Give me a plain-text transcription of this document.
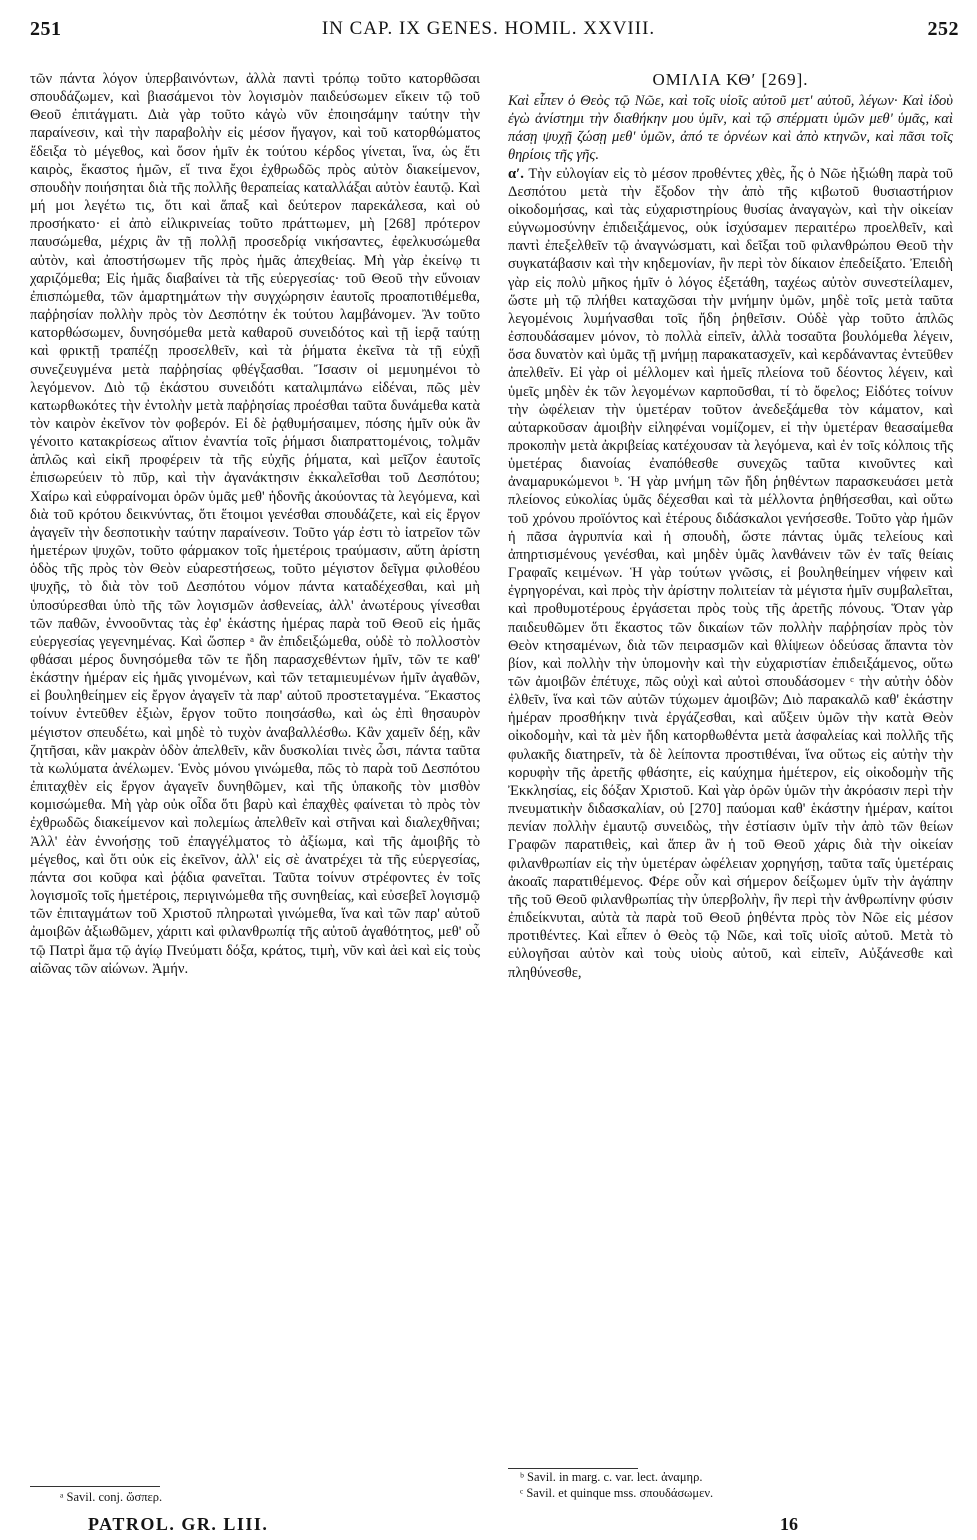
251	IN CAP. IX GENES. HOMIL. XXVIII.	252

τῶν πάντα λόγον ὑπερβαινόντων, ἀλλὰ παντὶ τρόπῳ τοῦτο κατορθῶσαι σπουδάζωμεν, καὶ βιασάμενοι τὸν λογισμὸν παιδεύσωμεν εἴκειν τῷ τοῦ Θεοῦ ἐπιτάγματι. Διὰ γὰρ τοῦτο κἀγὼ νῦν ἐποιησάμην ταύτην τὴν παραίνεσιν, καὶ τὴν παραβολὴν εἰς μέσον ἤγαγον, καὶ τοῦ κατορθώματος ἔδειξα τὸ μέγεθος, καὶ ὅσον ἡμῖν ἐκ τούτου κέρδος γίνεται, ἵνα, ὡς ἔτι καιρὸς, ἕκαστος ἡμῶν, εἴ τινα ἔχοι ἐχθρωδῶς πρὸς αὐτὸν διακείμενον, σπουδὴν ποιήσηται διὰ τῆς πολλῆς θεραπείας καταλλάξαι αὐτὸν ἑαυτῷ. Καὶ μή μοι λεγέτω τις, ὅτι καὶ ἅπαξ καὶ δεύτερον παρεκάλεσα, καὶ οὐ προσήκατο· εἰ ἀπὸ εἰλικρινείας τοῦτο πράττωμεν, μὴ [268] πρότερον παυσώμεθα, μέχρις ἂν τῇ πολλῇ προσεδρίᾳ νικήσαντες, ἐφελκυσώμεθα αὐτὸν, καὶ ἀποστήσωμεν τῆς πρὸς ἡμᾶς ἀπεχθείας. Μὴ γὰρ ἐκείνῳ τι χαριζόμεθα; Εἰς ἡμᾶς διαβαίνει τὰ τῆς εὐεργεσίας· τοῦ Θεοῦ τὴν εὔνοιαν ἐπισπώμεθα, τῶν ἁμαρτημάτων τὴν συγχώρησιν ἑαυτοῖς προαποτιθέμεθα, παῤῥησίαν πολλὴν πρὸς τὸν Δεσπότην ἐκ τούτου λαμβάνομεν. Ἂν τοῦτο κατορθώσωμεν, δυνησόμεθα μετὰ καθαροῦ συνειδότος καὶ τῇ ἱερᾷ ταύτῃ καὶ φρικτῇ τραπέζῃ προσελθεῖν, καὶ τὰ ῥήματα ἐκεῖνα τὰ τῇ εὐχῇ συνεζευγμένα μετὰ παῤῥησίας φθέγξασθαι. Ἴσασιν οἱ μεμυημένοι τὸ λεγόμενον. Διὸ τῷ ἑκάστου συνειδότι καταλιμπάνω εἰδέναι, πῶς μὲν κατωρθωκότες τὴν ἐντολὴν μετὰ παῤῥησίας προέσθαι ταῦτα δυνάμεθα κατὰ τὸν καιρὸν ἐκεῖνον τὸν φοβερόν. Εἰ δὲ ῥᾳθυμήσαιμεν, πόσης ἡμῖν οὐκ ἂν γένοιτο κατακρίσεως αἴτιον ἐναντία τοῖς ῥήμασι διαπραττομένοις, τολμᾶν ἁπλῶς καὶ εἰκῆ προφέρειν τὰ τῆς εὐχῆς ῥήματα, καὶ μεῖζον ἑαυτοῖς ἐπισωρεύειν τὸ πῦρ, καὶ τὴν ἀγανάκτησιν ἐκκαλεῖσθαι τοῦ Δεσπότου; Χαίρω καὶ εὐφραίνομαι ὁρῶν ὑμᾶς μεθ' ἡδονῆς ἀκούοντας τὰ λεγόμενα, καὶ διὰ τοῦ κρότου δεικνύντας, ὅτι ἕτοιμοι γενέσθαι σπουδάζετε, καὶ εἰς ἔργον ἀγαγεῖν τὴν δεσποτικὴν ταύτην παραίνεσιν. Τοῦτο γάρ ἐστι τὸ ἰατρεῖον τῶν ἡμετέρων ψυχῶν, τοῦτο φάρμακον τοῖς ἡμετέροις τραύμασιν, αὕτη ἀρίστη ὁδὸς τῆς πρὸς τὸν Θεὸν εὐαρεστήσεως, τοῦτο μέγιστον δεῖγμα φιλοθέου ψυχῆς, τὸ διὰ τὸν τοῦ Δεσπότου νόμον πάντα καταδέχεσθαι, καὶ μὴ ὑποσύρεσθαι ὑπὸ τῆς τῶν λογισμῶν ἀσθενείας, ἀλλ' ἀνωτέρους γίνεσθαι τῶν παθῶν, ἐννοοῦντας τὰς ἐφ' ἑκάστης ἡμέρας παρὰ τοῦ Θεοῦ εἰς ἡμᾶς εὐεργεσίας γεγενημένας. Καὶ ὥσπερ ᵃ ἂν ἐπιδειξώμεθα, οὐδὲ τὸ πολλοστὸν φθάσαι μέρος δυνησόμεθα τῶν τε ἤδη παρασχεθέντων ἡμῖν, τῶν τε καθ' ἑκάστην ἡμέραν εἰς ἡμᾶς γινομένων, καὶ τῶν τεταμιευμένων ἡμῖν ἀγαθῶν, εἰ βουληθείημεν εἰς ἔργον ἀγαγεῖν τὰ παρ' αὐτοῦ προστεταγμένα. Ἕκαστος τοίνυν ἐντεῦθεν ἐξιὼν, ἔργον τοῦτο ποιησάσθω, καὶ ὡς ἐπὶ θησαυρὸν μέγιστον σπευδέτω, καὶ μηδὲ τὸ τυχὸν ἀναβαλλέσθω. Κἂν χαμεῖν δέῃ, κἂν ζητῆσαι, κἂν μακρὰν ὁδὸν ἀπελθεῖν, κἂν δυσκολίαι τινὲς ὦσι, πάντα ταῦτα τὰ κωλύματα ἀνέλωμεν. Ἑνὸς μόνου γινώμεθα, πῶς τὸ παρὰ τοῦ Δεσπότου ἐπιταχθὲν εἰς ἔργον ἀγαγεῖν δυνηθῶμεν, καὶ τῆς ὑπακοῆς τὸν μισθὸν κομισώμεθα. Μὴ γὰρ οὐκ οἶδα ὅτι βαρὺ καὶ ἐπαχθὲς φαίνεται τὸ πρὸς τὸν ἐχθρωδῶς διακείμενον καὶ πολεμίως ἀπελθεῖν καὶ στῆναι καὶ διαλεχθῆναι; Ἀλλ' ἐὰν ἐννοήσῃς τοῦ ἐπαγγέλματος τὸ ἀξίωμα, καὶ τῆς ἀμοιβῆς τὸ μέγεθος, καὶ ὅτι οὐκ εἰς ἐκεῖνον, ἀλλ' εἰς σὲ ἀνατρέχει τὰ τῆς εὐεργεσίας, πάντα σοι κοῦφα καὶ ῥᾴδια φανεῖται. Ταῦτα τοίνυν στρέφοντες ἐν τοῖς λογισμοῖς τοῖς ἡμετέροις, περιγινώμεθα τῆς συνηθείας, καὶ εὐσεβεῖ λογισμῷ τῶν ἐπιταγμάτων τοῦ Χριστοῦ πληρωταὶ γινώμεθα, ἵνα καὶ τῶν παρ' αὐτοῦ ἀμοιβῶν ἀξιωθῶμεν, χάριτι καὶ φιλανθρωπίᾳ τῆς αὐτοῦ ἀγαθότητος, μεθ' οὗ τῷ Πατρὶ ἅμα τῷ ἁγίῳ Πνεύματι δόξα, κράτος, τιμὴ, νῦν καὶ ἀεὶ καὶ εἰς τοὺς αἰῶνας τῶν αἰώνων. Ἀμήν.

ΟΜΙΛΙΑ ΚΘʹ [269].

Καὶ εἶπεν ὁ Θεὸς τῷ Νῶε, καὶ τοῖς υἱοῖς αὐτοῦ μετ' αὐτοῦ, λέγων· Καὶ ἰδοὺ ἐγὼ ἀνίστημι τὴν διαθήκην μου ὑμῖν, καὶ τῷ σπέρματι ὑμῶν μεθ' ὑμᾶς, καὶ πάσῃ ψυχῇ ζώσῃ μεθ' ὑμῶν, ἀπό τε ὀρνέων καὶ ἀπὸ κτηνῶν, καὶ πᾶσι τοῖς θηρίοις τῆς γῆς.

αʹ. Τὴν εὐλογίαν εἰς τὸ μέσον προθέντες χθὲς, ἧς ὁ Νῶε ἠξιώθη παρὰ τοῦ Δεσπότου μετὰ τὴν ἔξοδον τὴν ἀπὸ τῆς κιβωτοῦ θυσιαστήριον οἰκοδομήσας, καὶ τὰς εὐχαριστηρίους θυσίας ἀναγαγὼν, καὶ τὴν οἰκείαν εὐγνωμοσύνην ἐπιδειξάμενος, οὐκ ἰσχύσαμεν περαιτέρω προελθεῖν, καὶ παντὶ ἐπεξελθεῖν τῷ ἀναγνώσματι, καὶ δεῖξαι τοῦ φιλανθρώπου Θεοῦ τὴν συγκατάβασιν καὶ τὴν κηδεμονίαν, ἣν περὶ τὸν δίκαιον ἐπεδείξατο. Ἐπειδὴ γὰρ εἰς πολὺ μῆκος ἡμῖν ὁ λόγος ἐξετάθη, ταχέως αὐτὸν συνεστείλαμεν, ὥστε μὴ τῷ πλήθει καταχῶσαι τὴν μνήμην ὑμῶν, μηδὲ τοῖς μετὰ ταῦτα λεγομένοις λυμήνασθαι τοῖς ἤδη ῥηθεῖσιν. Οὐδὲ γὰρ τοῦτο ἁπλῶς ἐσπουδάσαμεν μόνον, τὸ πολλὰ εἰπεῖν, ἀλλὰ τοσαῦτα βουλόμεθα λέγειν, ὅσα δυνατὸν καὶ ὑμᾶς τῇ μνήμῃ παρακατασχεῖν, καὶ κερδάναντας ἐντεῦθεν ἀπελθεῖν. Εἰ γὰρ οἱ μέλλομεν καὶ ἡμεῖς πλείονα τοῦ δέοντος λέγειν, καὶ ὑμεῖς μηδὲν ἐκ τῶν λεγομένων καρποῦσθαι, τί τὸ ὄφελος; Εἰδότες τοίνυν τὴν ὠφέλειαν τὴν ὑμετέραν τοῦτον ἀνεδεξάμεθα τὸν κάματον, καὶ αὐταρκοῦσαν ἀμοιβὴν εἰληφέναι νομίζομεν, εἰ τὴν ὑμετέραν θεασαίμεθα προκοπὴν μετὰ ἀκριβείας κατέχουσαν τὰ λεγόμενα, καὶ ἐν τοῖς κόλποις τῆς ὑμετέρας διανοίας ἐναπόθεσθε συνεχῶς ταῦτα κινοῦντες καὶ ἀναμαρυκώμενοι ᵇ. Ἡ γὰρ μνήμη τῶν ἤδη ῥηθέντων παρασκευάσει μετὰ πλείονος εὐκολίας ὑμᾶς δέχεσθαι καὶ τὰ μέλλοντα ῥηθήσεσθαι, καὶ οὕτω τοῦ χρόνου προϊόντος καὶ ἑτέρους διδάσκαλοι γενήσεσθε. Τοῦτο γὰρ ἡμῶν ἡ πᾶσα ἀγρυπνία καὶ ἡ σπουδὴ, ὥστε πάντας ὑμᾶς τελείους καὶ ἀπηρτισμένους γενέσθαι, καὶ μηδὲν ὑμᾶς λανθάνειν τῶν ἐν ταῖς θείαις Γραφαῖς κειμένων. Ἡ γὰρ τούτων γνῶσις, εἰ βουληθείημεν νήφειν καὶ ἐγρηγορέναι, καὶ πρὸς τὴν ἀρίστην πολιτείαν τὰ μέγιστα ἡμῖν συμβαλεῖται, καὶ προθυμοτέρους ἐργάσεται πρὸς τοὺς τῆς ἀρετῆς πόνους. Ὅταν γὰρ παιδευθῶμεν ὅτι ἕκαστος τῶν δικαίων τῶν πολλὴν παῤῥησίαν πρὸς τὸν Θεὸν κτησαμένων, διὰ τῶν πειρασμῶν καὶ θλίψεων ὁδεύσας ἅπαντα τὸν βίον, καὶ πολλὴν τὴν ὑπομονὴν καὶ τὴν εὐχαριστίαν ἐπιδειξάμενος, οὕτω τῶν ἀμοιβῶν ἐπέτυχε, πῶς οὐχὶ καὶ αὐτοὶ σπουδάσομεν ᶜ τὴν αὐτὴν ὁδὸν ἐλθεῖν, ἵνα καὶ τῶν αὐτῶν τύχωμεν ἀμοιβῶν; Διὸ παρακαλῶ καθ' ἑκάστην ἡμέραν προσθήκην τινὰ ἐργάζεσθαι, καὶ αὔξειν ὑμῶν τὴν κατὰ Θεὸν οἰκοδομὴν, καὶ τὰ μὲν ἤδη κατορθωθέντα μετὰ ἀσφαλείας καὶ πολλῆς τῆς φυλακῆς διατηρεῖν, τὰ δὲ λείποντα προστιθέναι, ἵνα οὕτως εἰς αὐτὴν τὴν κορυφὴν τῆς ἀρετῆς φθάσητε, εἰς καύχημα ἡμέτερον, εἰς οἰκοδομὴν τῆς Ἐκκλησίας, εἰς δόξαν Χριστοῦ. Καὶ γὰρ ὁρῶν ὑμῶν τὴν ἀκρόασιν περὶ τὴν πνευματικὴν διδασκαλίαν, οὐ [270] παύομαι καθ' ἑκάστην ἡμέραν, καίτοι πενίαν πολλὴν ἐμαυτῷ συνειδὼς, τὴν ἑστίασιν ὑμῖν τὴν ἀπὸ τῶν θείων Γραφῶν παρατιθεὶς, καὶ ἅπερ ἂν ἡ τοῦ Θεοῦ χάρις διὰ τὴν οἰκείαν φιλανθρωπίαν εἰς τὴν ὑμετέραν ὠφέλειαν χορηγήσῃ, ταῦτα ταῖς ὑμετέραις ἀκοαῖς παρατιθέμενος. Φέρε οὖν καὶ σήμερον δείξωμεν ὑμῖν τὴν ἀγάπην τῆς τοῦ Θεοῦ φιλανθρωπίας τὴν ὑπερβολὴν, ἣν περὶ τὴν ἀνθρωπίνην φύσιν ἐπιδείκνυται, αὐτὰ τὰ παρὰ τοῦ Θεοῦ ῥηθέντα πρὸς τὸν Νῶε εἰς μέσον προτιθέντες. Καὶ εἶπεν ὁ Θεὸς τῷ Νῶε, καὶ τοῖς υἱοῖς αὐτοῦ. Μετὰ τὸ εὐλογῆσαι αὐτὸν καὶ τοὺς υἱοὺς αὐτοῦ, καὶ εἰπεῖν, Αὐξάνεσθε καὶ πληθύνεσθε,

ᵃ Savil. conj. ὥσπερ.
ᵇ Savil. in marg. c. var. lect. ἀναμηρ.
ᶜ Savil. et quinque mss. σπουδάσωμεν.
PATROL. GR. LIII.	16
